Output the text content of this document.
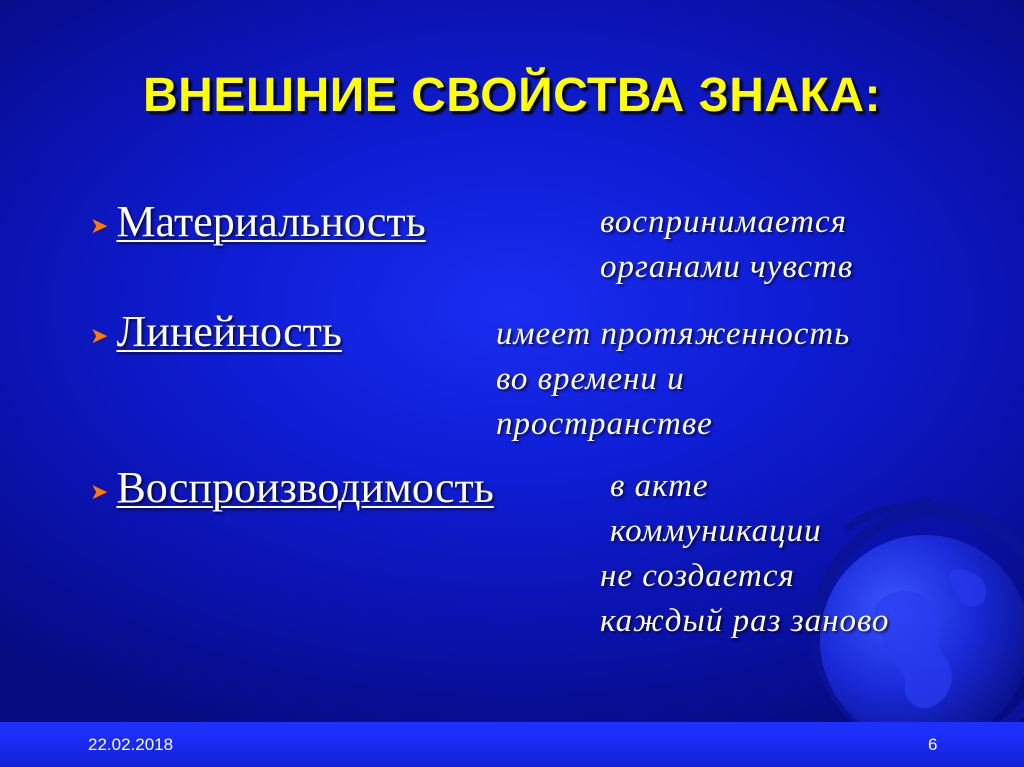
ВНЕШНИЕ СВОЙСТВА ЗНАКА:
➤ Материальность	воспринимается
органами чувств
➤ Линейность	имеет протяженность
во времени и
пространстве
➤ Воспроизводимость	в акте
коммуникации
не создается
каждый раз заново
22.02.2018	6
